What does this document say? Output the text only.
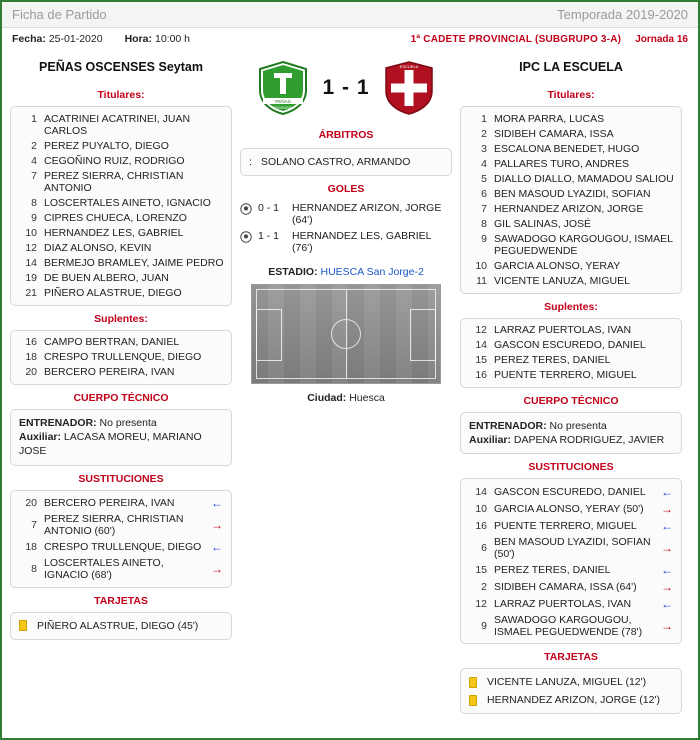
Ficha de Partido	Temporada 2019-2020
Fecha: 25-01-2020 Hora: 10:00 h	1ª CADETE PROVINCIAL (SUBGRUPO 3-A) Jornada 16
PEÑAS OSCENSES Seytam
Titulares:
1 ACATRINEI ACATRINEI, JUAN CARLOS
2 PEREZ PUYALTO, DIEGO
4 CEGOÑINO RUIZ, RODRIGO
7 PEREZ SIERRA, CHRISTIAN ANTONIO
8 LOSCERTALES AINETO, IGNACIO
9 CIPRES CHUECA, LORENZO
10 HERNANDEZ LES, GABRIEL
12 DIAZ ALONSO, KEVIN
14 BERMEJO BRAMLEY, JAIME PEDRO
19 DE BUEN ALBERO, JUAN
21 PIÑERO ALASTRUE, DIEGO
Suplentes:
16 CAMPO BERTRAN, DANIEL
18 CRESPO TRULLENQUE, DIEGO
20 BERCERO PEREIRA, IVAN
CUERPO TÉCNICO
ENTRENADOR: No presenta
Auxiliar: LACASA MOREU, MARIANO JOSE
SUSTITUCIONES
20 BERCERO PEREIRA, IVAN	←
7 PEREZ SIERRA, CHRISTIAN ANTONIO (60')	→
18 CRESPO TRULLENQUE, DIEGO ←
8 LOSCERTALES AINETO, IGNACIO (68')	→
TARJETAS
PIÑERO ALASTRUE, DIEGO (45')
PEÑAS
OSCENSES
1 - 1
ESCUELA
ÁRBITROS
: SOLANO CASTRO, ARMANDO
GOLES
0 - 1	HERNANDEZ ARIZON, JORGE (64')
1 - 1	HERNANDEZ LES, GABRIEL (76')
ESTADIO: HUESCA San Jorge-2
Ciudad: Huesca
IPC LA ESCUELA
Titulares:
1 MORA PARRA, LUCAS
2 SIDIBEH CAMARA, ISSA
3 ESCALONA BENEDET, HUGO
4 PALLARES TURO, ANDRES
5 DIALLO DIALLO, MAMADOU SALIOU
6 BEN MASOUD LYAZIDI, SOFIAN
7 HERNANDEZ ARIZON, JORGE
8 GIL SALINAS, JOSÉ
9 SAWADOGO KARGOUGOU, ISMAEL PEGUEDWENDE
10 GARCIA ALONSO, YERAY
11 VICENTE LANUZA, MIGUEL
Suplentes:
12 LARRAZ PUERTOLAS, IVAN
14 GASCON ESCUREDO, DANIEL
15 PEREZ TERES, DANIEL
16 PUENTE TERRERO, MIGUEL
CUERPO TÉCNICO
ENTRENADOR: No presenta
Auxiliar: DAPENA RODRIGUEZ, JAVIER
SUSTITUCIONES
14 GASCON ESCUREDO, DANIEL	←
10 GARCIA ALONSO, YERAY (50')	→
16 PUENTE TERRERO, MIGUEL	←
6 BEN MASOUD LYAZIDI, SOFIAN (50')	→
15 PEREZ TERES, DANIEL	←
2 SIDIBEH CAMARA, ISSA (64')	→
12 LARRAZ PUERTOLAS, IVAN	←
9 SAWADOGO KARGOUGOU, ISMAEL PEGUEDWENDE (78')	→
TARJETAS
VICENTE LANUZA, MIGUEL (12')
HERNANDEZ ARIZON, JORGE (12')
